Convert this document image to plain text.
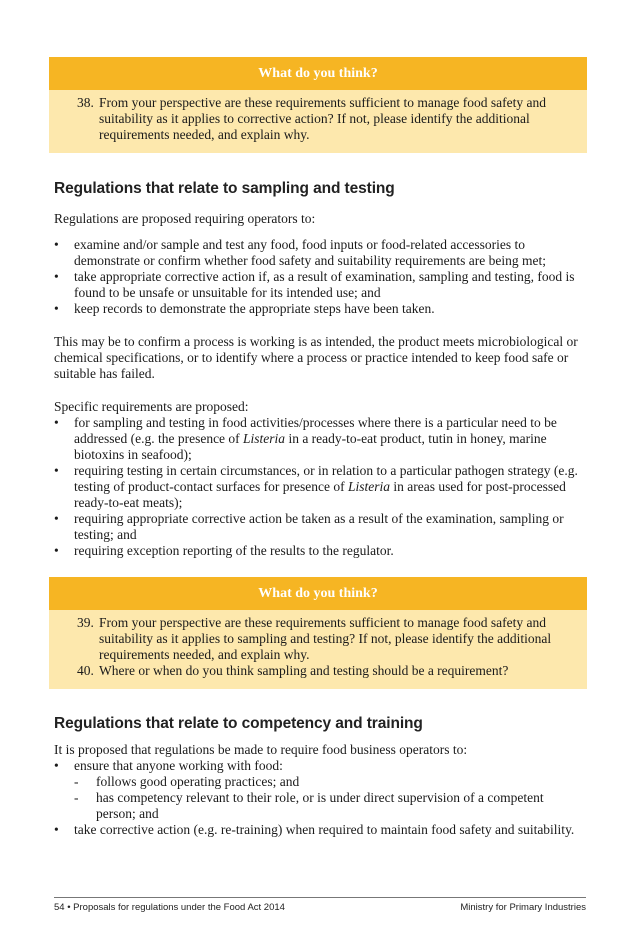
What do you think?
38. From your perspective are these requirements sufficient to manage food safety and suitability as it applies to corrective action? If not, please identify the additional requirements needed, and explain why.
Regulations that relate to sampling and testing

Regulations are proposed requiring operators to:

•	examine and/or sample and test any food, food inputs or food-related accessories to demonstrate or confirm whether food safety and suitability requirements are being met;
•	take appropriate corrective action if, as a result of examination, sampling and testing, food is found to be unsafe or unsuitable for its intended use; and
•	keep records to demonstrate the appropriate steps have been taken.

This may be to confirm a process is working is as intended, the product meets microbiological or chemical specifications, or to identify where a process or practice intended to keep food safe or suitable has failed.

Specific requirements are proposed:

•	for sampling and testing in food activities/processes where there is a particular need to be addressed (e.g. the presence of Listeria in a ready-to-eat product, tutin in honey, marine biotoxins in seafood);
•	requiring testing in certain circumstances, or in relation to a particular pathogen strategy (e.g. testing of product-contact surfaces for presence of Listeria in areas used for post-processed ready-to-eat meats);
•	requiring appropriate corrective action be taken as a result of the examination, sampling or testing; and
•	requiring exception reporting of the results to the regulator.
What do you think?
39. From your perspective are these requirements sufficient to manage food safety and suitability as it applies to sampling and testing? If not, please identify the additional requirements needed, and explain why.
40. Where or when do you think sampling and testing should be a requirement?
Regulations that relate to competency and training

It is proposed that regulations be made to require food business operators to:

•	ensure that anyone working with food:
-	follows good operating practices; and
-	has competency relevant to their role, or is under direct supervision of a competent person; and
•	take corrective action (e.g. re-training) when required to maintain food safety and suitability.
54 • Proposals for regulations under the Food Act 2014	Ministry for Primary Industries
